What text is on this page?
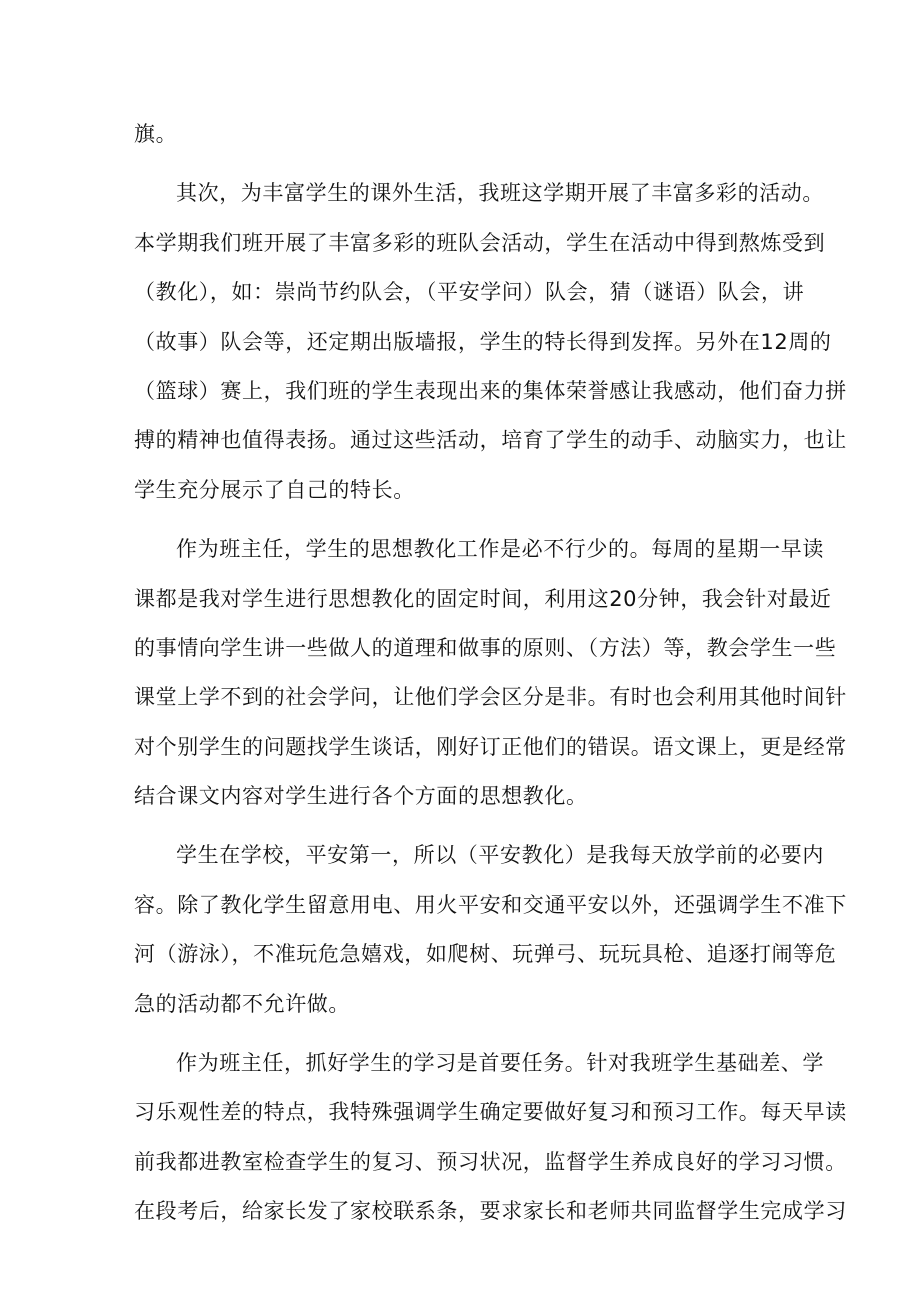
旗。
其次，为丰富学生的课外生活，我班这学期开展了丰富多彩的活动。
本学期我们班开展了丰富多彩的班队会活动，学生在活动中得到熬炼受到
（教化），如：崇尚节约队会，（平安学问）队会，猜（谜语）队会，讲
（故事）队会等，还定期出版墙报，学生的特长得到发挥。另外在12周的
（篮球）赛上，我们班的学生表现出来的集体荣誉感让我感动，他们奋力拼
搏的精神也值得表扬。通过这些活动，培育了学生的动手、动脑实力，也让
学生充分展示了自己的特长。
作为班主任，学生的思想教化工作是必不行少的。每周的星期一早读
课都是我对学生进行思想教化的固定时间，利用这20分钟，我会针对最近
的事情向学生讲一些做人的道理和做事的原则、（方法）等，教会学生一些
课堂上学不到的社会学问，让他们学会区分是非。有时也会利用其他时间针
对个别学生的问题找学生谈话，刚好订正他们的错误。语文课上，更是经常
结合课文内容对学生进行各个方面的思想教化。
学生在学校，平安第一，所以（平安教化）是我每天放学前的必要内
容。除了教化学生留意用电、用火平安和交通平安以外，还强调学生不准下
河（游泳），不准玩危急嬉戏，如爬树、玩弹弓、玩玩具枪、追逐打闹等危
急的活动都不允许做。
作为班主任，抓好学生的学习是首要任务。针对我班学生基础差、学
习乐观性差的特点，我特殊强调学生确定要做好复习和预习工作。每天早读
前我都进教室检查学生的复习、预习状况，监督学生养成良好的学习习惯。
在段考后，给家长发了家校联系条，要求家长和老师共同监督学生完成学习
